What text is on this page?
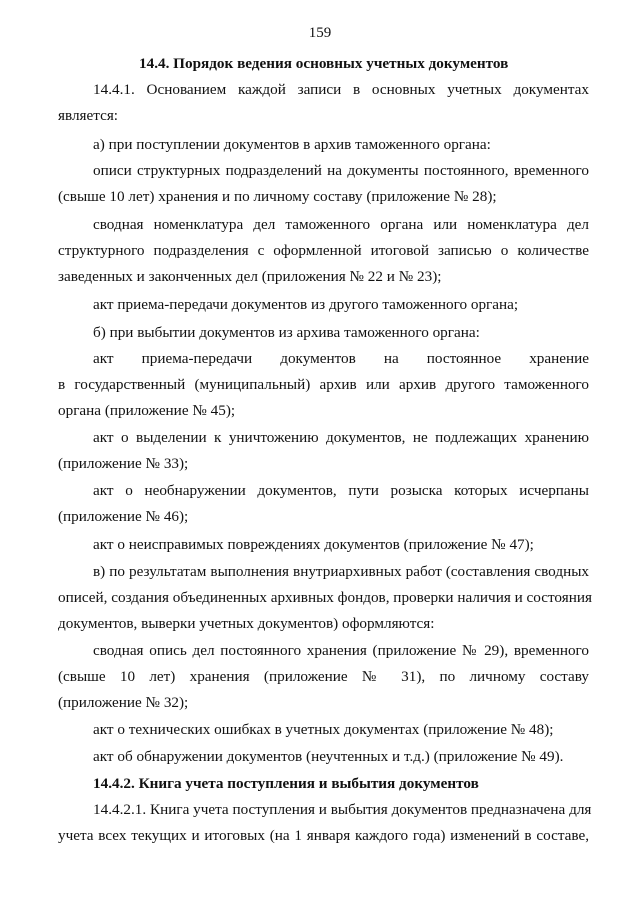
159
14.4. Порядок ведения основных учетных документов
14.4.1. Основанием каждой записи в основных учетных документах
является:
а) при поступлении документов в архив таможенного органа:
описи структурных подразделений на документы постоянного, временного
(свыше 10 лет) хранения и по личному составу (приложение № 28);
сводная номенклатура дел таможенного органа или номенклатура дел
структурного подразделения с оформленной итоговой записью о количестве
заведенных и законченных дел (приложения № 22 и № 23);
акт приема-передачи документов из другого таможенного органа;
б) при выбытии документов из архива таможенного органа:
акт приема-передачи документов на постоянное хранение
в государственный (муниципальный) архив или архив другого таможенного
органа (приложение № 45);
акт о выделении к уничтожению документов, не подлежащих хранению
(приложение № 33);
акт о необнаружении документов, пути розыска которых исчерпаны
(приложение № 46);
акт о неисправимых повреждениях документов (приложение № 47);
в) по результатам выполнения внутриархивных работ (составления сводных
описей, создания объединенных архивных фондов, проверки наличия и состояния
документов, выверки учетных документов) оформляются:
сводная опись дел постоянного хранения (приложение № 29), временного
(свыше 10 лет) хранения (приложение № 31), по личному составу
(приложение № 32);
акт о технических ошибках в учетных документах (приложение № 48);
акт об обнаружении документов (неучтенных и т.д.) (приложение № 49).
14.4.2. Книга учета поступления и выбытия документов
14.4.2.1. Книга учета поступления и выбытия документов предназначена для
учета всех текущих и итоговых (на 1 января каждого года) изменений в составе,
